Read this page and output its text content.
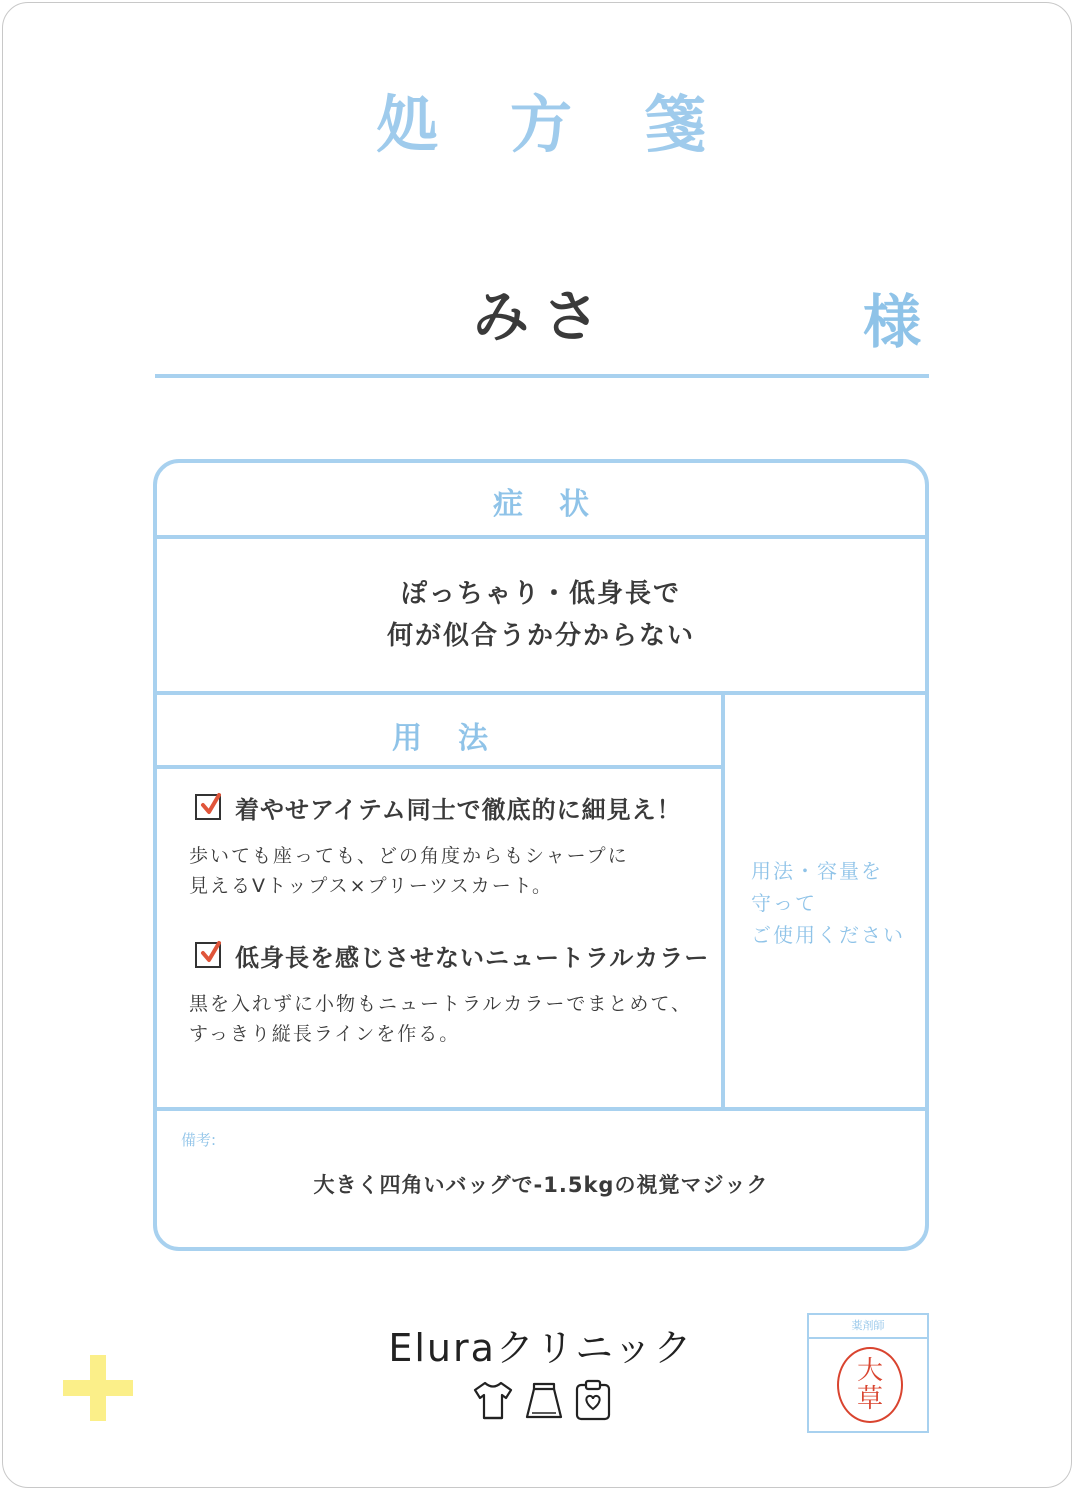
処方箋
みさ	様
症状
ぽっちゃり・低身長で
何が似合うか分からない
用法
着やせアイテム同士で徹底的に細見え！
歩いても座っても、どの角度からもシャープに
見えるVトップス×プリーツスカート。
低身長を感じさせないニュートラルカラー
黒を入れずに小物もニュートラルカラーでまとめて、
すっきり縦長ラインを作る。
用法・容量を
守って
ご使用ください
備考:
大きく四角いバッグで-1.5kgの視覚マジック
Eluraクリニック
薬剤師
大
草
